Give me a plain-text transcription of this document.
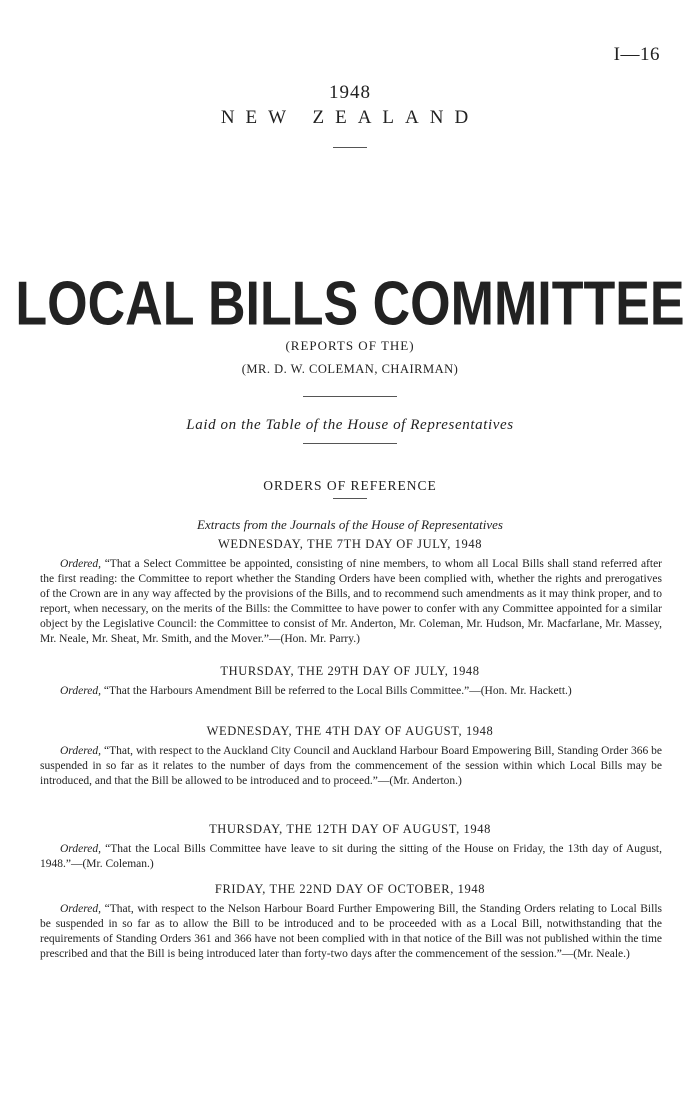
I—16
1948
NEW ZEALAND
LOCAL BILLS COMMITTEE
(REPORTS OF THE)
(MR. D. W. COLEMAN, CHAIRMAN)
Laid on the Table of the House of Representatives
ORDERS OF REFERENCE
Extracts from the Journals of the House of Representatives
WEDNESDAY, THE 7TH DAY OF JULY, 1948
Ordered, “That a Select Committee be appointed, consisting of nine members, to whom all Local Bills shall stand referred after the first reading: the Committee to report whether the Standing Orders have been complied with, whether the rights and prerogatives of the Crown are in any way affected by the provisions of the Bills, and to recommend such amendments as it may think proper, and to report, when necessary, on the merits of the Bills: the Committee to have power to confer with any Committee appointed for a similar object by the Legislative Council: the Committee to consist of Mr. Anderton, Mr. Coleman, Mr. Hudson, Mr. Macfarlane, Mr. Massey, Mr. Neale, Mr. Sheat, Mr. Smith, and the Mover.”—(Hon. Mr. Parry.)
THURSDAY, THE 29TH DAY OF JULY, 1948
Ordered, “That the Harbours Amendment Bill be referred to the Local Bills Committee.”—(Hon. Mr. Hackett.)
WEDNESDAY, THE 4TH DAY OF AUGUST, 1948
Ordered, “That, with respect to the Auckland City Council and Auckland Harbour Board Empowering Bill, Standing Order 366 be suspended in so far as it relates to the number of days from the commencement of the session within which Local Bills may be introduced, and that the Bill be allowed to be introduced and to proceed.”—(Mr. Anderton.)
THURSDAY, THE 12TH DAY OF AUGUST, 1948
Ordered, “That the Local Bills Committee have leave to sit during the sitting of the House on Friday, the 13th day of August, 1948.”—(Mr. Coleman.)
FRIDAY, THE 22ND DAY OF OCTOBER, 1948
Ordered, “That, with respect to the Nelson Harbour Board Further Empowering Bill, the Standing Orders relating to Local Bills be suspended in so far as to allow the Bill to be introduced and to be proceeded with as a Local Bill, notwithstanding that the requirements of Standing Orders 361 and 366 have not been complied with in that notice of the Bill was not published within the time prescribed and that the Bill is being introduced later than forty-two days after the commencement of the session.”—(Mr. Neale.)
